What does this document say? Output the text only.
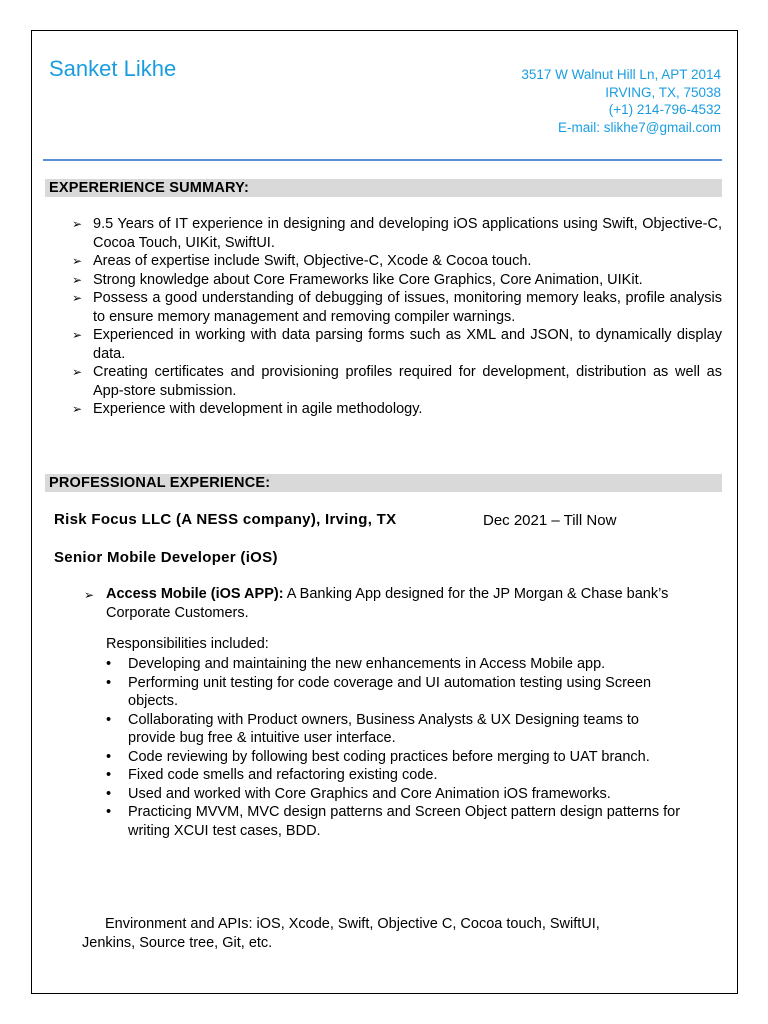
Sanket Likhe	3517 W Walnut Hill Ln, APT 2014
IRVING, TX, 75038
(+1) 214-796-4532
E-mail: slikhe7@gmail.com
EXPERERIENCE SUMMARY:
➢ 9.5 Years of IT experience in designing and developing iOS applications using Swift, Objective-C, Cocoa Touch, UIKit, SwiftUI.
➢ Areas of expertise include Swift, Objective-C, Xcode & Cocoa touch.
➢ Strong knowledge about Core Frameworks like Core Graphics, Core Animation, UIKit.
➢ Possess a good understanding of debugging of issues, monitoring memory leaks, profile analysis to ensure memory management and removing compiler warnings.
➢ Experienced in working with data parsing forms such as XML and JSON, to dynamically display data.
➢ Creating certificates and provisioning profiles required for development, distribution as well as App-store submission.
➢ Experience with development in agile methodology.
PROFESSIONAL EXPERIENCE:
Risk Focus LLC (A NESS company), Irving, TX	Dec 2021 – Till Now
Senior Mobile Developer (iOS)
➢ Access Mobile (iOS APP): A Banking App designed for the JP Morgan & Chase bank’s Corporate Customers.
Responsibilities included:
• Developing and maintaining the new enhancements in Access Mobile app.
• Performing unit testing for code coverage and UI automation testing using Screen objects.
• Collaborating with Product owners, Business Analysts & UX Designing teams to provide bug free & intuitive user interface.
• Code reviewing by following best coding practices before merging to UAT branch.
• Fixed code smells and refactoring existing code.
• Used and worked with Core Graphics and Core Animation iOS frameworks.
• Practicing MVVM, MVC design patterns and Screen Object pattern design patterns for writing XCUI test cases, BDD.
Environment and APIs: iOS, Xcode, Swift, Objective C, Cocoa touch, SwiftUI, Jenkins, Source tree, Git, etc.
